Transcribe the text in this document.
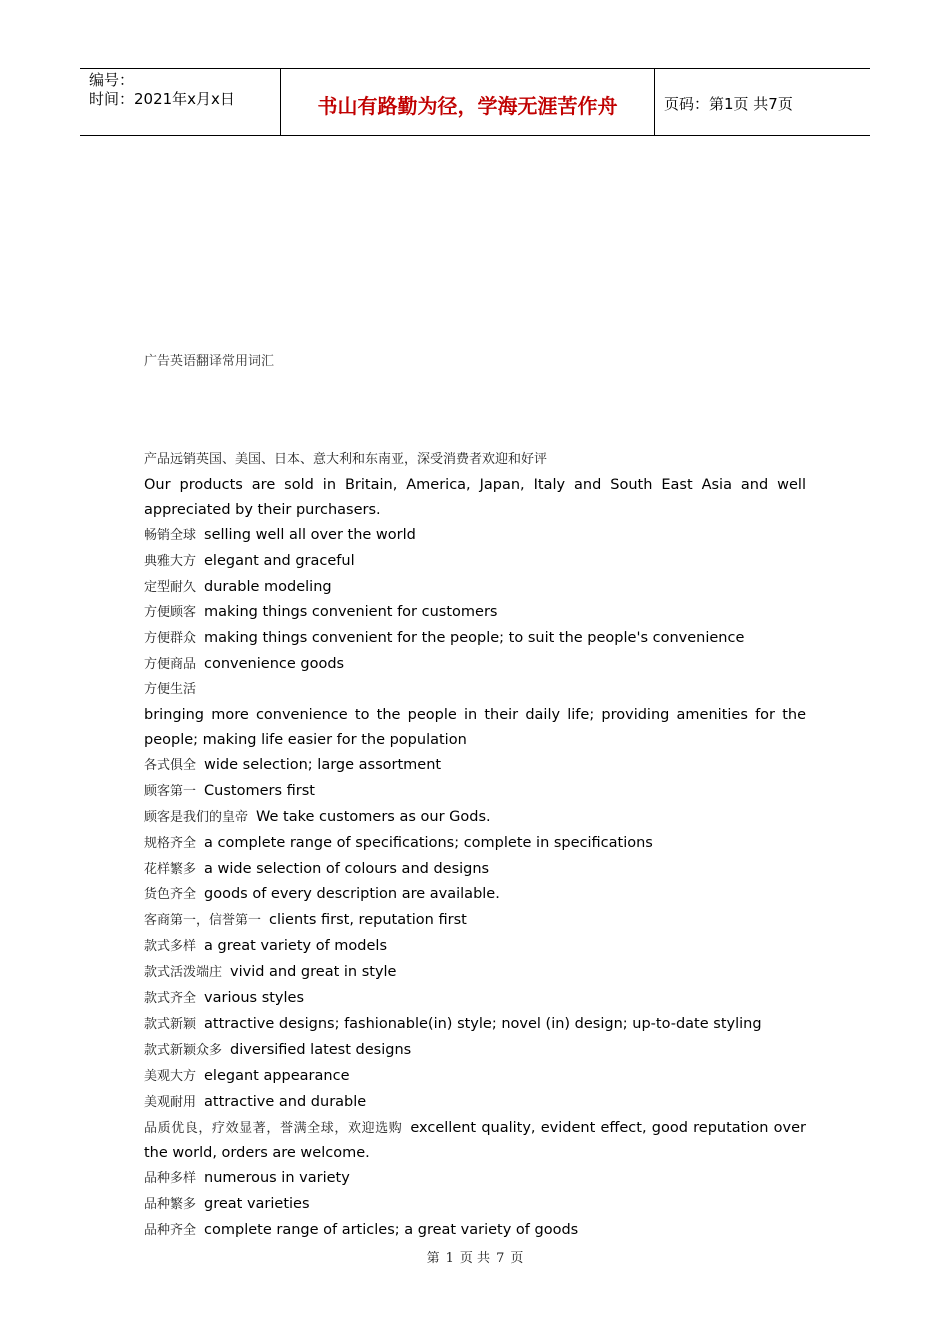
编号：
时间：2021年x月x日	书山有路勤为径，学海无涯苦作舟	页码：第1页 共7页
广告英语翻译常用词汇

产品远销英国、美国、日本、意大利和东南亚，深受消费者欢迎和好评
Our products are sold in Britain, America, Japan, Italy and South East Asia and well appreciated by their purchasers.

畅销全球 selling well all over the world

典雅大方 elegant and graceful

定型耐久 durable modeling

方便顾客 making things convenient for customers

方便群众 making things convenient for the people; to suit the people's convenience

方便商品 convenience goods

方便生活
bringing more convenience to the people in their daily life; providing amenities for the people; making life easier for the population

各式俱全 wide selection; large assortment

顾客第一 Customers first

顾客是我们的皇帝 We take customers as our Gods.

规格齐全 a complete range of specifications; complete in specifications

花样繁多 a wide selection of colours and designs

货色齐全 goods of every description are available.

客商第一，信誉第一 clients first, reputation first

款式多样 a great variety of models

款式活泼端庄 vivid and great in style

款式齐全 various styles

款式新颖 attractive designs; fashionable(in) style; novel (in) design; up-to-date styling

款式新颖众多 diversified latest designs

美观大方 elegant appearance

美观耐用 attractive and durable

品质优良，疗效显著，誉满全球，欢迎选购 excellent quality, evident effect, good reputation over the world, orders are welcome.

品种多样 numerous in variety

品种繁多 great varieties

品种齐全 complete range of articles; a great variety of goods

第 1 页 共 7 页
